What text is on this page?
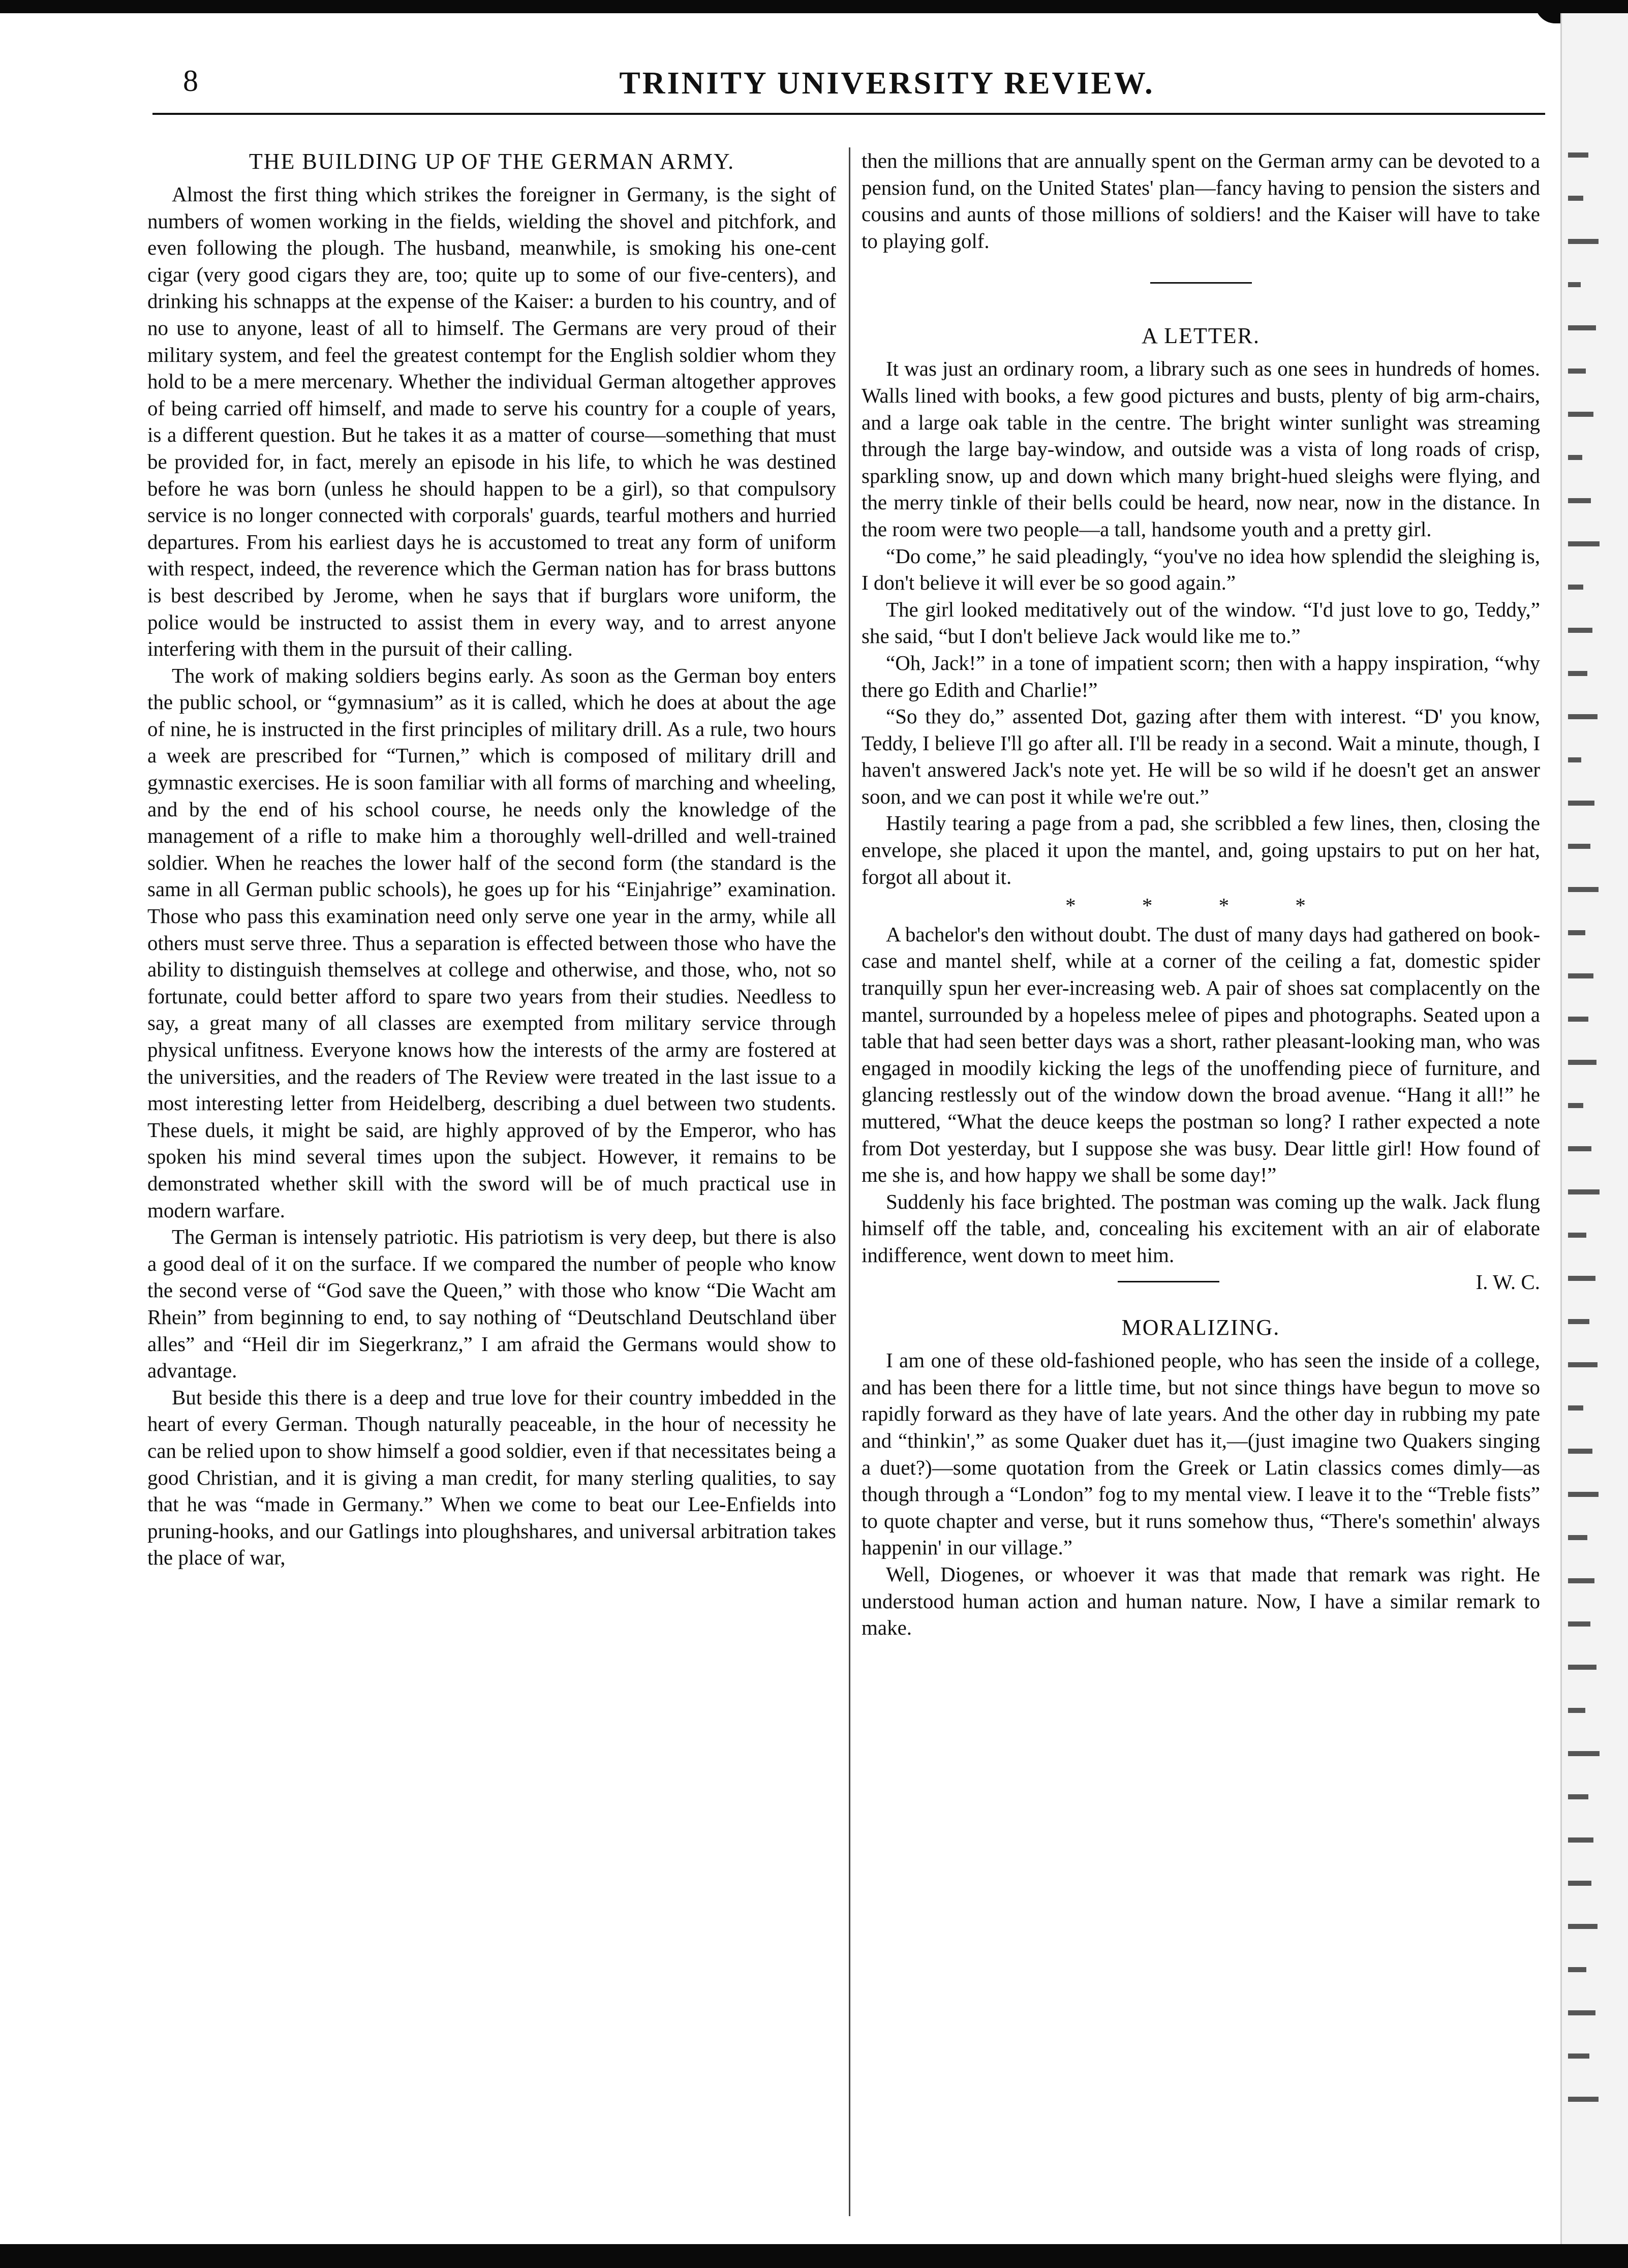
8	TRINITY UNIVERSITY REVIEW.
THE BUILDING UP OF THE GERMAN ARMY.

Almost the first thing which strikes the foreigner in Germany, is the sight of numbers of women working in the fields, wielding the shovel and pitchfork, and even following the plough. The husband, meanwhile, is smoking his one-cent cigar (very good cigars they are, too; quite up to some of our five-centers), and drinking his schnapps at the expense of the Kaiser: a burden to his country, and of no use to anyone, least of all to himself. The Germans are very proud of their military system, and feel the greatest contempt for the English soldier whom they hold to be a mere mercenary. Whether the individual German altogether approves of being carried off himself, and made to serve his country for a couple of years, is a different question. But he takes it as a matter of course—something that must be provided for, in fact, merely an episode in his life, to which he was destined before he was born (unless he should happen to be a girl), so that compulsory service is no longer connected with corporals' guards, tearful mothers and hurried departures. From his earliest days he is accustomed to treat any form of uniform with respect, indeed, the reverence which the German nation has for brass buttons is best described by Jerome, when he says that if burglars wore uniform, the police would be instructed to assist them in every way, and to arrest anyone interfering with them in the pursuit of their calling.

The work of making soldiers begins early. As soon as the German boy enters the public school, or “gymnasium” as it is called, which he does at about the age of nine, he is instructed in the first principles of military drill. As a rule, two hours a week are prescribed for “Turnen,” which is composed of military drill and gymnastic exercises. He is soon familiar with all forms of marching and wheeling, and by the end of his school course, he needs only the knowledge of the management of a rifle to make him a thoroughly well-drilled and well-trained soldier. When he reaches the lower half of the second form (the standard is the same in all German public schools), he goes up for his “Einjahrige” examination. Those who pass this examination need only serve one year in the army, while all others must serve three. Thus a separation is effected between those who have the ability to distinguish themselves at college and otherwise, and those, who, not so fortunate, could better afford to spare two years from their studies. Needless to say, a great many of all classes are exempted from military service through physical unfitness. Everyone knows how the interests of the army are fostered at the universities, and the readers of The Review were treated in the last issue to a most interesting letter from Heidelberg, describing a duel between two students. These duels, it might be said, are highly approved of by the Emperor, who has spoken his mind several times upon the subject. However, it remains to be demonstrated whether skill with the sword will be of much practical use in modern warfare.

The German is intensely patriotic. His patriotism is very deep, but there is also a good deal of it on the surface. If we compared the number of people who know the second verse of “God save the Queen,” with those who know “Die Wacht am Rhein” from beginning to end, to say nothing of “Deutschland Deutschland über alles” and “Heil dir im Siegerkranz,” I am afraid the Germans would show to advantage.

But beside this there is a deep and true love for their country imbedded in the heart of every German. Though naturally peaceable, in the hour of necessity he can be relied upon to show himself a good soldier, even if that necessitates being a good Christian, and it is giving a man credit, for many sterling qualities, to say that he was “made in Germany.” When we come to beat our Lee-Enfields into pruning-hooks, and our Gatlings into ploughshares, and universal arbitration takes the place of war,

then the millions that are annually spent on the German army can be devoted to a pension fund, on the United States' plan—fancy having to pension the sisters and cousins and aunts of those millions of soldiers! and the Kaiser will have to take to playing golf.

A LETTER.

It was just an ordinary room, a library such as one sees in hundreds of homes. Walls lined with books, a few good pictures and busts, plenty of big arm-chairs, and a large oak table in the centre. The bright winter sunlight was streaming through the large bay-window, and outside was a vista of long roads of crisp, sparkling snow, up and down which many bright-hued sleighs were flying, and the merry tinkle of their bells could be heard, now near, now in the distance. In the room were two people—a tall, handsome youth and a pretty girl.

“Do come,” he said pleadingly, “you've no idea how splendid the sleighing is, I don't believe it will ever be so good again.”

The girl looked meditatively out of the window. “I'd just love to go, Teddy,” she said, “but I don't believe Jack would like me to.”

“Oh, Jack!” in a tone of impatient scorn; then with a happy inspiration, “why there go Edith and Charlie!”

“So they do,” assented Dot, gazing after them with interest. “D' you know, Teddy, I believe I'll go after all. I'll be ready in a second. Wait a minute, though, I haven't answered Jack's note yet. He will be so wild if he doesn't get an answer soon, and we can post it while we're out.”

Hastily tearing a page from a pad, she scribbled a few lines, then, closing the envelope, she placed it upon the mantel, and, going upstairs to put on her hat, forgot all about it.

* * * *

A bachelor's den without doubt. The dust of many days had gathered on book-case and mantel shelf, while at a corner of the ceiling a fat, domestic spider tranquilly spun her ever-increasing web. A pair of shoes sat complacently on the mantel, surrounded by a hopeless melee of pipes and photographs. Seated upon a table that had seen better days was a short, rather pleasant-looking man, who was engaged in moodily kicking the legs of the unoffending piece of furniture, and glancing restlessly out of the window down the broad avenue. “Hang it all!” he muttered, “What the deuce keeps the postman so long? I rather expected a note from Dot yesterday, but I suppose she was busy. Dear little girl! How found of me she is, and how happy we shall be some day!”

Suddenly his face brighted. The postman was coming up the walk. Jack flung himself off the table, and, concealing his excitement with an air of elaborate indifference, went down to meet him.

I. W. C.
MORALIZING.

I am one of these old-fashioned people, who has seen the inside of a college, and has been there for a little time, but not since things have begun to move so rapidly forward as they have of late years. And the other day in rubbing my pate and “thinkin',” as some Quaker duet has it,—(just imagine two Quakers singing a duet?)—some quotation from the Greek or Latin classics comes dimly—as though through a “London” fog to my mental view. I leave it to the “Treble fists” to quote chapter and verse, but it runs somehow thus, “There's somethin' always happenin' in our village.”

Well, Diogenes, or whoever it was that made that remark was right. He understood human action and human nature. Now, I have a similar remark to make.
